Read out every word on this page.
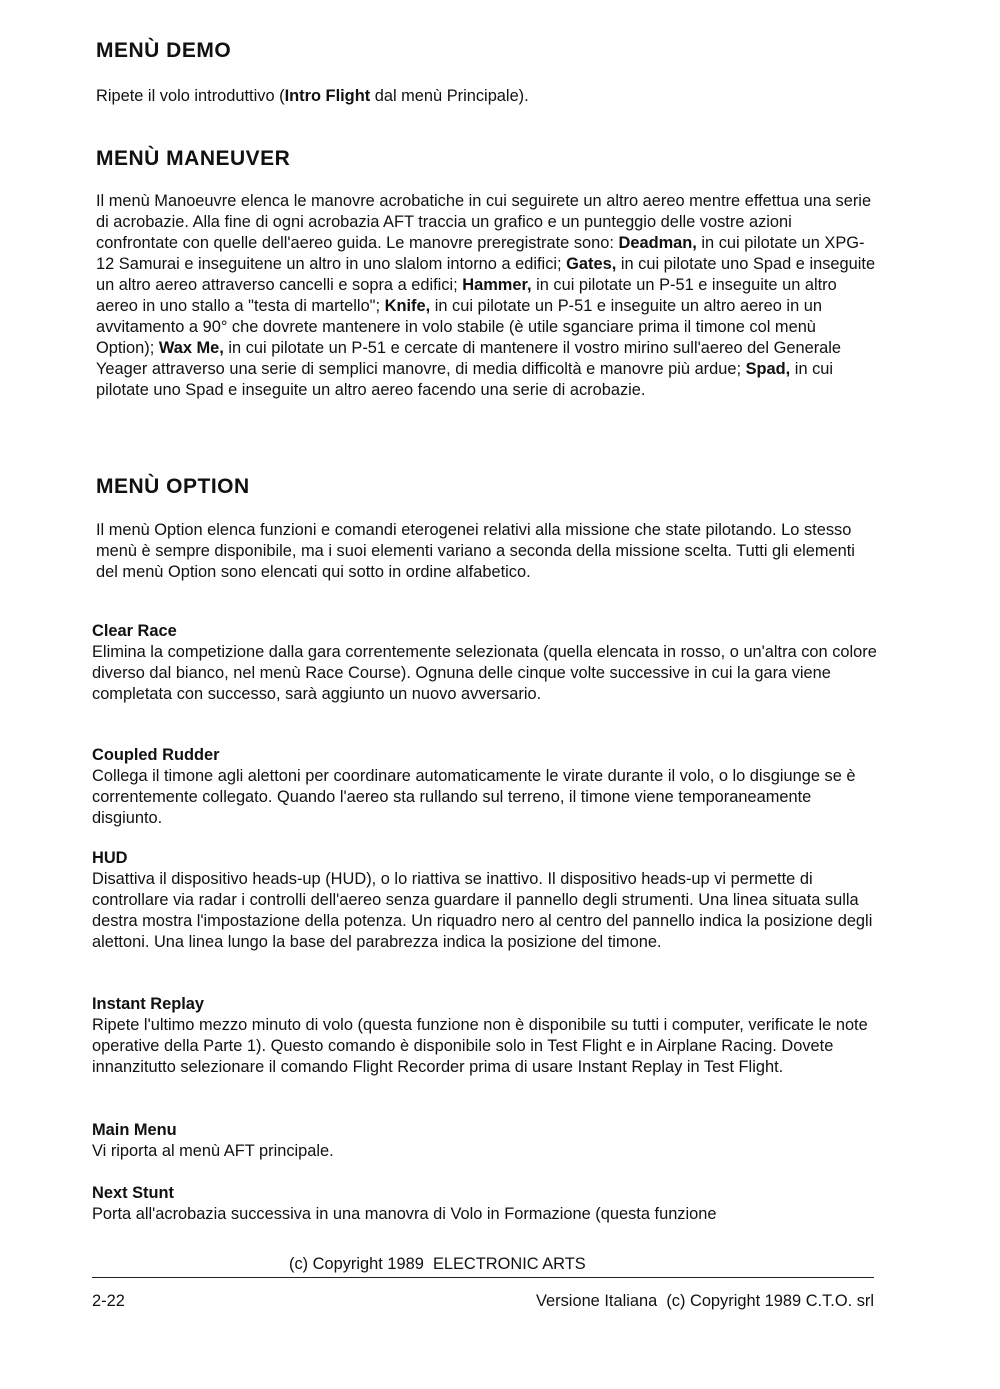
MENÙ DEMO

Ripete il volo introduttivo (Intro Flight dal menù Principale).

MENÙ MANEUVER

Il menù Manoeuvre elenca le manovre acrobatiche in cui seguirete un altro aereo mentre effettua una serie di acrobazie. Alla fine di ogni acrobazia AFT traccia un grafico e un punteggio delle vostre azioni confrontate con quelle dell'aereo guida. Le manovre preregistrate sono: Deadman, in cui pilotate un XPG-12 Samurai e inseguitene un altro in uno slalom intorno a edifici; Gates, in cui pilotate uno Spad e inseguite un altro aereo attraverso cancelli e sopra a edifici; Hammer, in cui pilotate un P-51 e inseguite un altro aereo in uno stallo a "testa di martello"; Knife, in cui pilotate un P-51 e inseguite un altro aereo in un avvitamento a 90° che dovrete mantenere in volo stabile (è utile sganciare prima il timone col menù Option); Wax Me, in cui pilotate un P-51 e cercate di mantenere il vostro mirino sull'aereo del Generale Yeager attraverso una serie di semplici manovre, di media difficoltà e manovre più ardue; Spad, in cui pilotate uno Spad e inseguite un altro aereo facendo una serie di acrobazie.

MENÙ OPTION

Il menù Option elenca funzioni e comandi eterogenei relativi alla missione che state pilotando. Lo stesso menù è sempre disponibile, ma i suoi elementi variano a seconda della missione scelta. Tutti gli elementi del menù Option sono elencati qui sotto in ordine alfabetico.

Clear Race

Elimina la competizione dalla gara correntemente selezionata (quella elencata in rosso, o un'altra con colore diverso dal bianco, nel menù Race Course). Ognuna delle cinque volte successive in cui la gara viene completata con successo, sarà aggiunto un nuovo avversario.

Coupled Rudder

Collega il timone agli alettoni per coordinare automaticamente le virate durante il volo, o lo disgiunge se è correntemente collegato. Quando l'aereo sta rullando sul terreno, il timone viene temporaneamente disgiunto.

HUD

Disattiva il dispositivo heads-up (HUD), o lo riattiva se inattivo. Il dispositivo heads-up vi permette di controllare via radar i controlli dell'aereo senza guardare il pannello degli strumenti. Una linea situata sulla destra mostra l'impostazione della potenza. Un riquadro nero al centro del pannello indica la posizione degli alettoni. Una linea lungo la base del parabrezza indica la posizione del timone.

Instant Replay

Ripete l'ultimo mezzo minuto di volo (questa funzione non è disponibile su tutti i computer, verificate le note operative della Parte 1). Questo comando è disponibile solo in Test Flight e in Airplane Racing. Dovete innanzitutto selezionare il comando Flight Recorder prima di usare Instant Replay in Test Flight.

Main Menu

Vi riporta al menù AFT principale.

Next Stunt

Porta all'acrobazia successiva in una manovra di Volo in Formazione (questa funzione

(c) Copyright 1989  ELECTRONIC ARTS
2-22	Versione Italiana  (c) Copyright 1989 C.T.O. srl
